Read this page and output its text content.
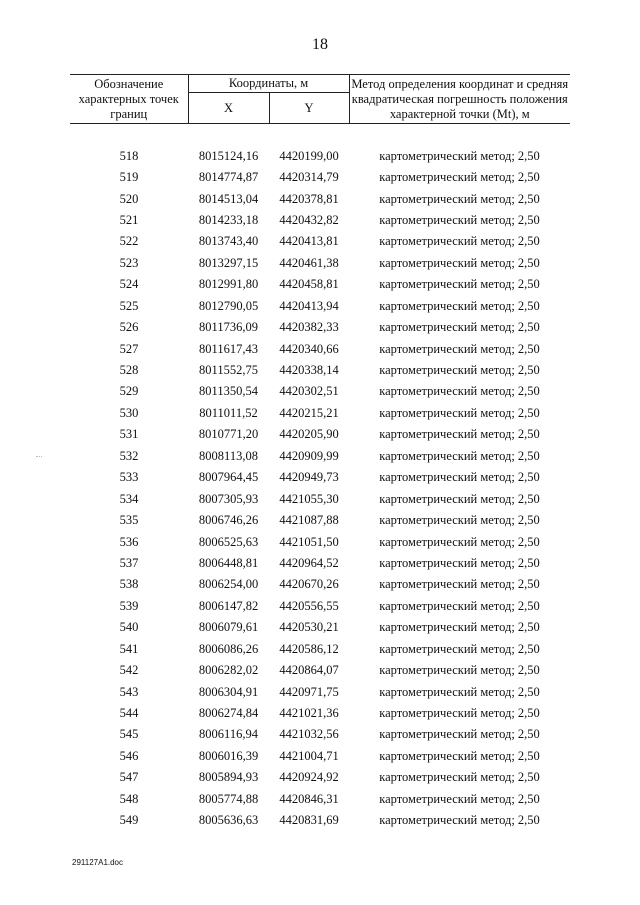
18
Обозначение характерных точек границ	Координаты, м		Метод определения координат и средняя квадратическая погрешность положения характерной точки (Mt), м
	X	Y	

518	8015124,16	4420199,00	картометрический метод; 2,50
519	8014774,87	4420314,79	картометрический метод; 2,50
520	8014513,04	4420378,81	картометрический метод; 2,50
521	8014233,18	4420432,82	картометрический метод; 2,50
522	8013743,40	4420413,81	картометрический метод; 2,50
523	8013297,15	4420461,38	картометрический метод; 2,50
524	8012991,80	4420458,81	картометрический метод; 2,50
525	8012790,05	4420413,94	картометрический метод; 2,50
526	8011736,09	4420382,33	картометрический метод; 2,50
527	8011617,43	4420340,66	картометрический метод; 2,50
528	8011552,75	4420338,14	картометрический метод; 2,50
529	8011350,54	4420302,51	картометрический метод; 2,50
530	8011011,52	4420215,21	картометрический метод; 2,50
531	8010771,20	4420205,90	картометрический метод; 2,50
532	8008113,08	4420909,99	картометрический метод; 2,50
533	8007964,45	4420949,73	картометрический метод; 2,50
534	8007305,93	4421055,30	картометрический метод; 2,50
535	8006746,26	4421087,88	картометрический метод; 2,50
536	8006525,63	4421051,50	картометрический метод; 2,50
537	8006448,81	4420964,52	картометрический метод; 2,50
538	8006254,00	4420670,26	картометрический метод; 2,50
539	8006147,82	4420556,55	картометрический метод; 2,50
540	8006079,61	4420530,21	картометрический метод; 2,50
541	8006086,26	4420586,12	картометрический метод; 2,50
542	8006282,02	4420864,07	картометрический метод; 2,50
543	8006304,91	4420971,75	картометрический метод; 2,50
544	8006274,84	4421021,36	картометрический метод; 2,50
545	8006116,94	4421032,56	картометрический метод; 2,50
546	8006016,39	4421004,71	картометрический метод; 2,50
547	8005894,93	4420924,92	картометрический метод; 2,50
548	8005774,88	4420846,31	картометрический метод; 2,50
549	8005636,63	4420831,69	картометрический метод; 2,50
291127A1.doc
